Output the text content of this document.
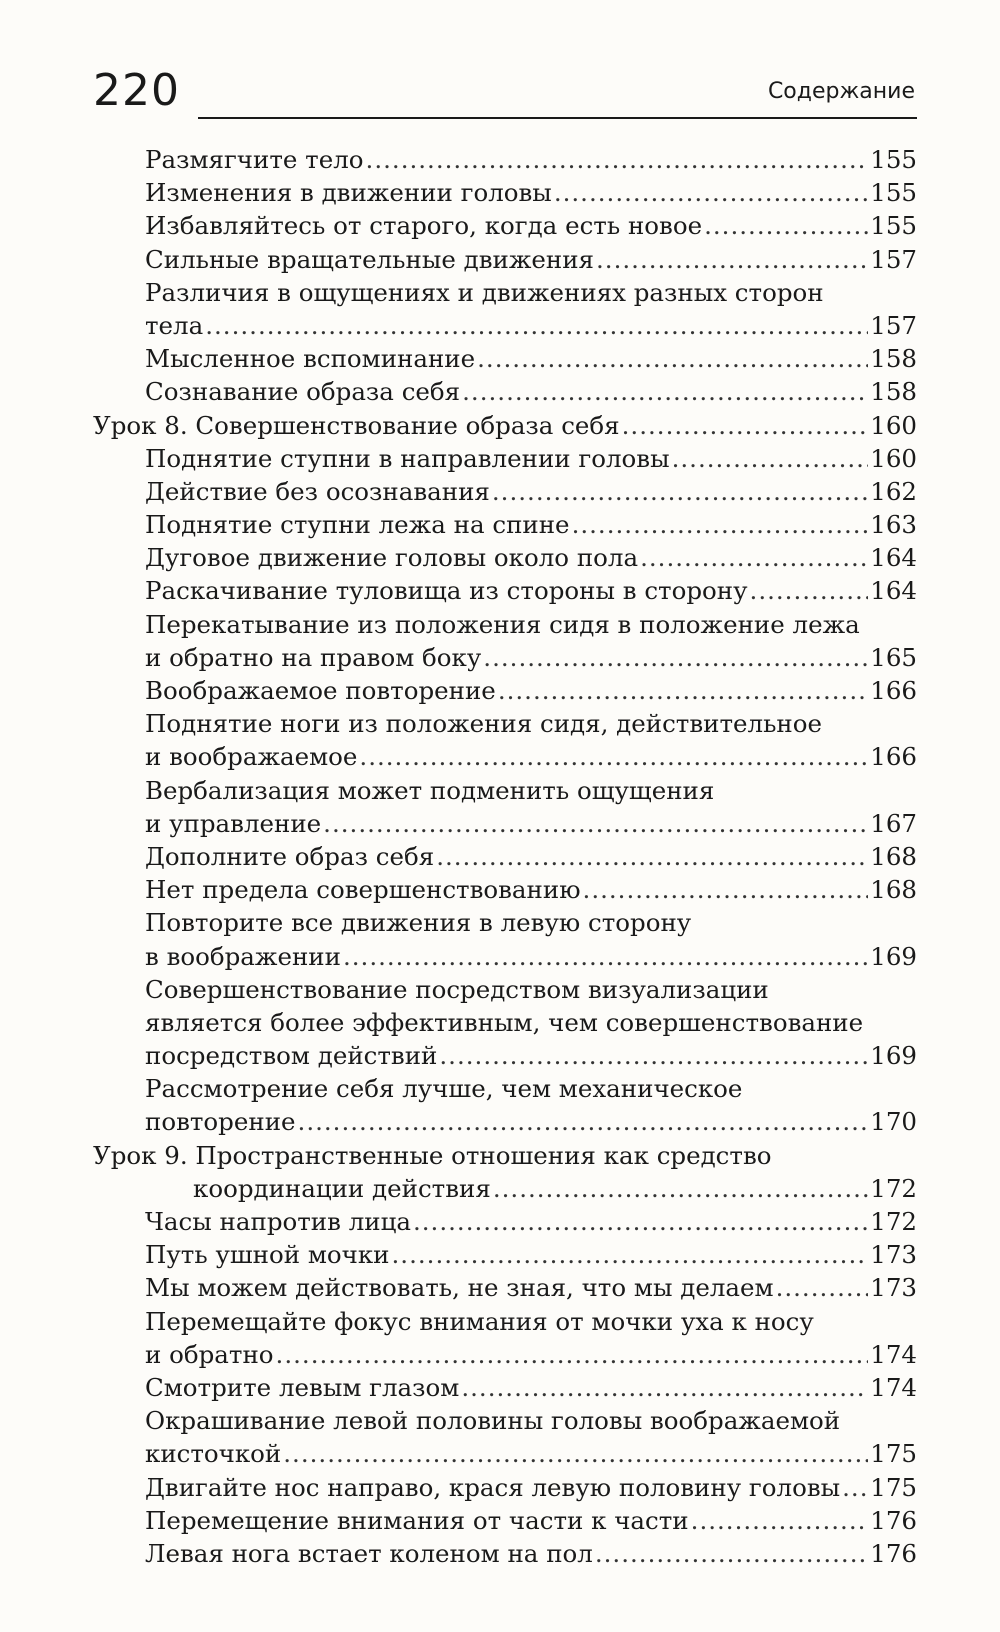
220	Содержание
Размягчите тело .....	155
Изменения в движении головы .....	155
Избавляйтесь от старого, когда есть новое .....	155
Сильные вращательные движения .....	157
Различия в ощущениях и движениях разных сторон
тела .....	157
Мысленное вспоминание .....	158
Сознавание образа себя .....	158
Урок 8. Совершенствование образа себя .....	160
Поднятие ступни в направлении головы .....	160
Действие без осознавания .....	162
Поднятие ступни лежа на спине .....	163
Дуговое движение головы около пола .....	164
Раскачивание туловища из стороны в сторону .....	164
Перекатывание из положения сидя в положение лежа
и обратно на правом боку .....	165
Воображаемое повторение .....	166
Поднятие ноги из положения сидя, действительное
и воображаемое .....	166
Вербализация может подменить ощущения
и управление .....	167
Дополните образ себя .....	168
Нет предела совершенствованию .....	168
Повторите все движения в левую сторону
в воображении .....	169
Совершенствование посредством визуализации
является более эффективным, чем совершенствование
посредством действий .....	169
Рассмотрение себя лучше, чем механическое
повторение .....	170
Урок 9. Пространственные отношения как средство
координации действия .....	172
Часы напротив лица .....	172
Путь ушной мочки .....	173
Мы можем действовать, не зная, что мы делаем .....	173
Перемещайте фокус внимания от мочки уха к носу
и обратно .....	174
Смотрите левым глазом .....	174
Окрашивание левой половины головы воображаемой
кисточкой .....	175
Двигайте нос направо, крася левую половину головы ..... 175
Перемещение внимания от части к части .....	176
Левая нога встает коленом на пол .....	176
